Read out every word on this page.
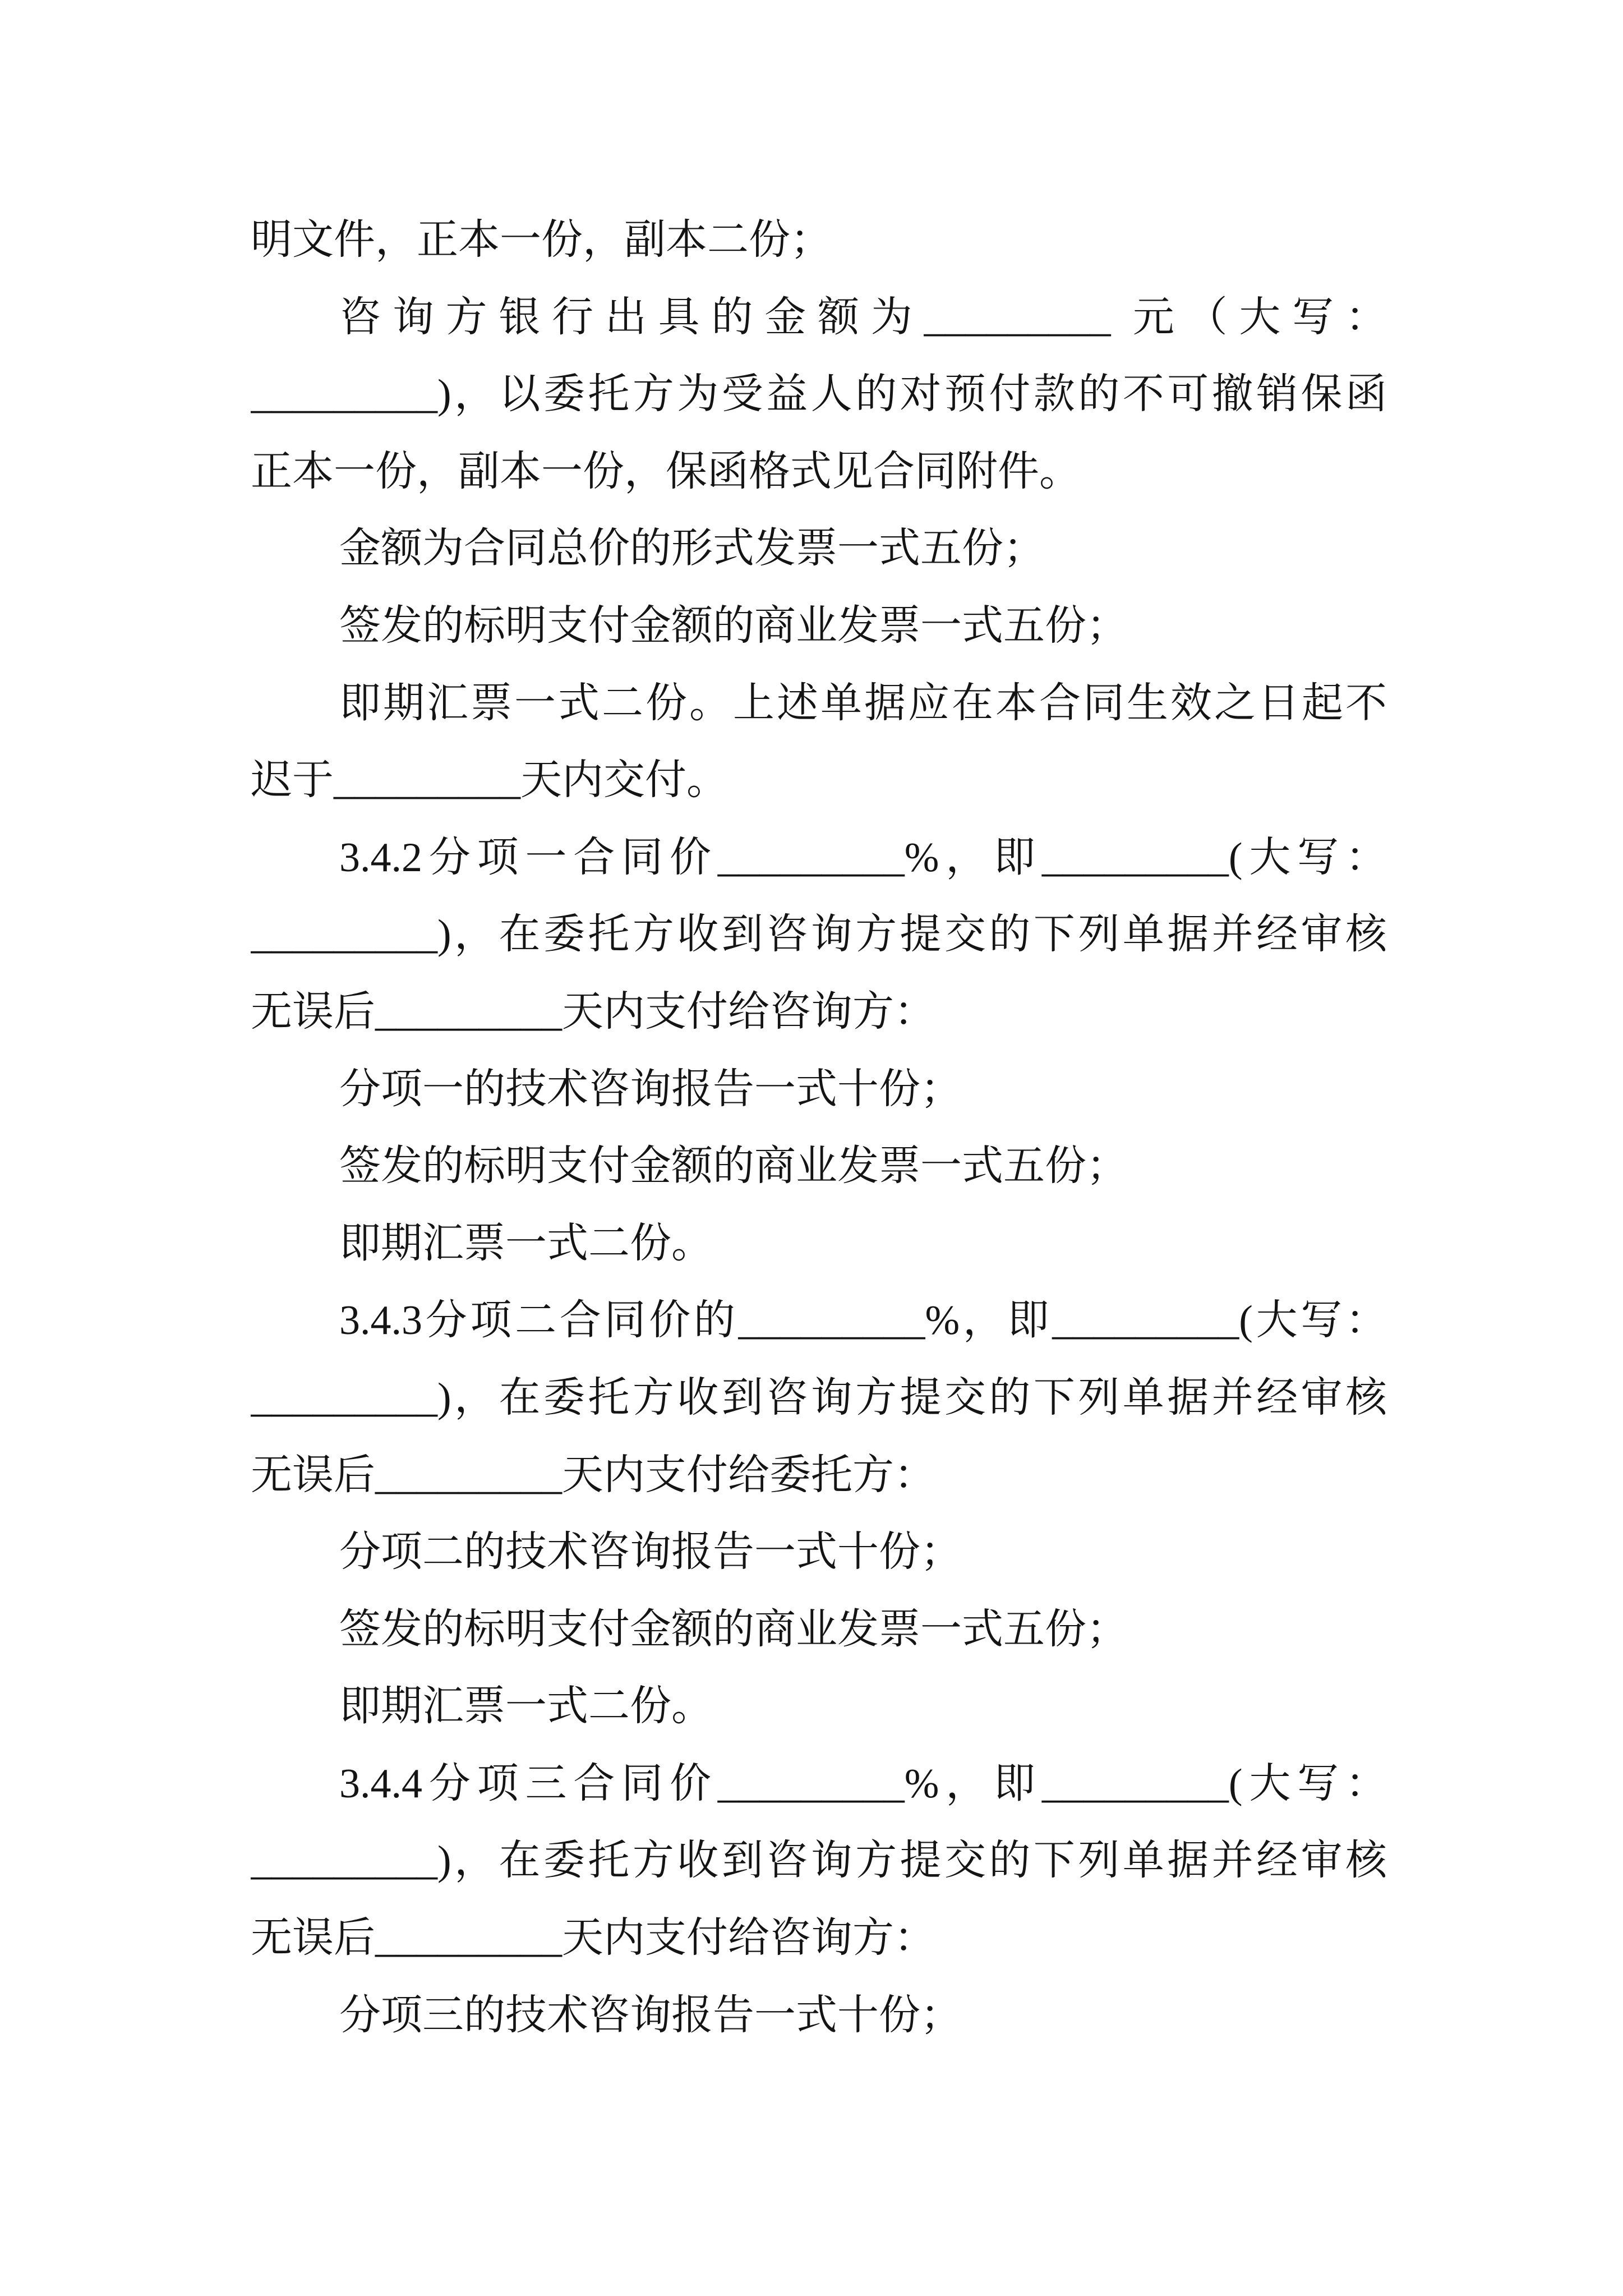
明文件，正本一份，副本二份；
咨询方银行出具的金额为_________ 元（大写：
_________)，以委托方为受益人的对预付款的不可撤销保函
正本一份，副本一份，保函格式见合同附件。
金额为合同总价的形式发票一式五份；
签发的标明支付金额的商业发票一式五份；
即期汇票一式二份。上述单据应在本合同生效之日起不
迟于_________天内交付。
3.4.2分项一合同价_________%，即_________(大写：
_________)，在委托方收到咨询方提交的下列单据并经审核
无误后_________天内支付给咨询方：
分项一的技术咨询报告一式十份；
签发的标明支付金额的商业发票一式五份；
即期汇票一式二份。
3.4.3分项二合同价的_________%，即_________(大写：
_________)，在委托方收到咨询方提交的下列单据并经审核
无误后_________天内支付给委托方：
分项二的技术咨询报告一式十份；
签发的标明支付金额的商业发票一式五份；
即期汇票一式二份。
3.4.4分项三合同价_________%，即_________(大写：
_________)，在委托方收到咨询方提交的下列单据并经审核
无误后_________天内支付给咨询方：
分项三的技术咨询报告一式十份；
